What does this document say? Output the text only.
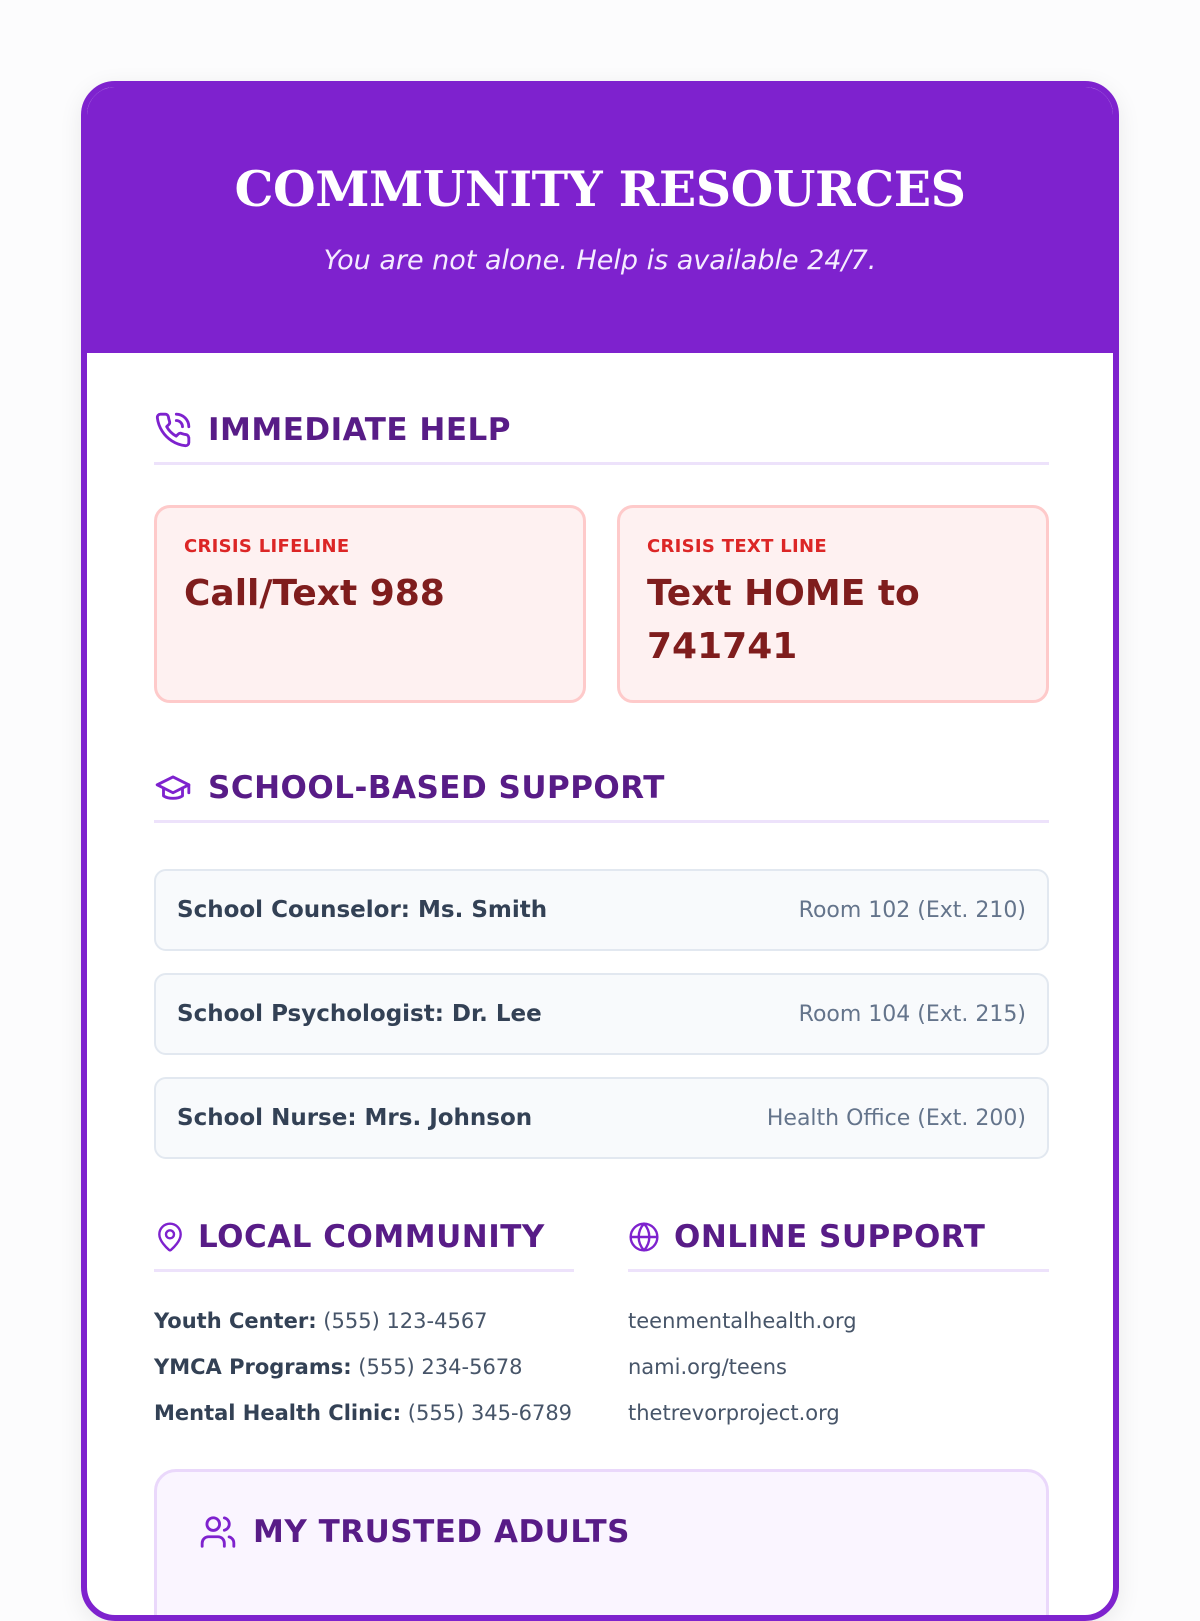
COMMUNITY RESOURCES
You are not alone. Help is available 24/7.
IMMEDIATE HELP
CRISIS LIFELINE
Call/Text 988
CRISIS TEXT LINE
Text HOME to 741741
SCHOOL-BASED SUPPORT
School Counselor: Ms. Smith	Room 102 (Ext. 210)
School Psychologist: Dr. Lee	Room 104 (Ext. 215)
School Nurse: Mrs. Johnson	Health Office (Ext. 200)
LOCAL COMMUNITY
Youth Center: (555) 123-4567
YMCA Programs: (555) 234-5678
Mental Health Clinic: (555) 345-6789
ONLINE SUPPORT
teenmentalhealth.org
nami.org/teens
thetrevorproject.org
MY TRUSTED ADULTS
